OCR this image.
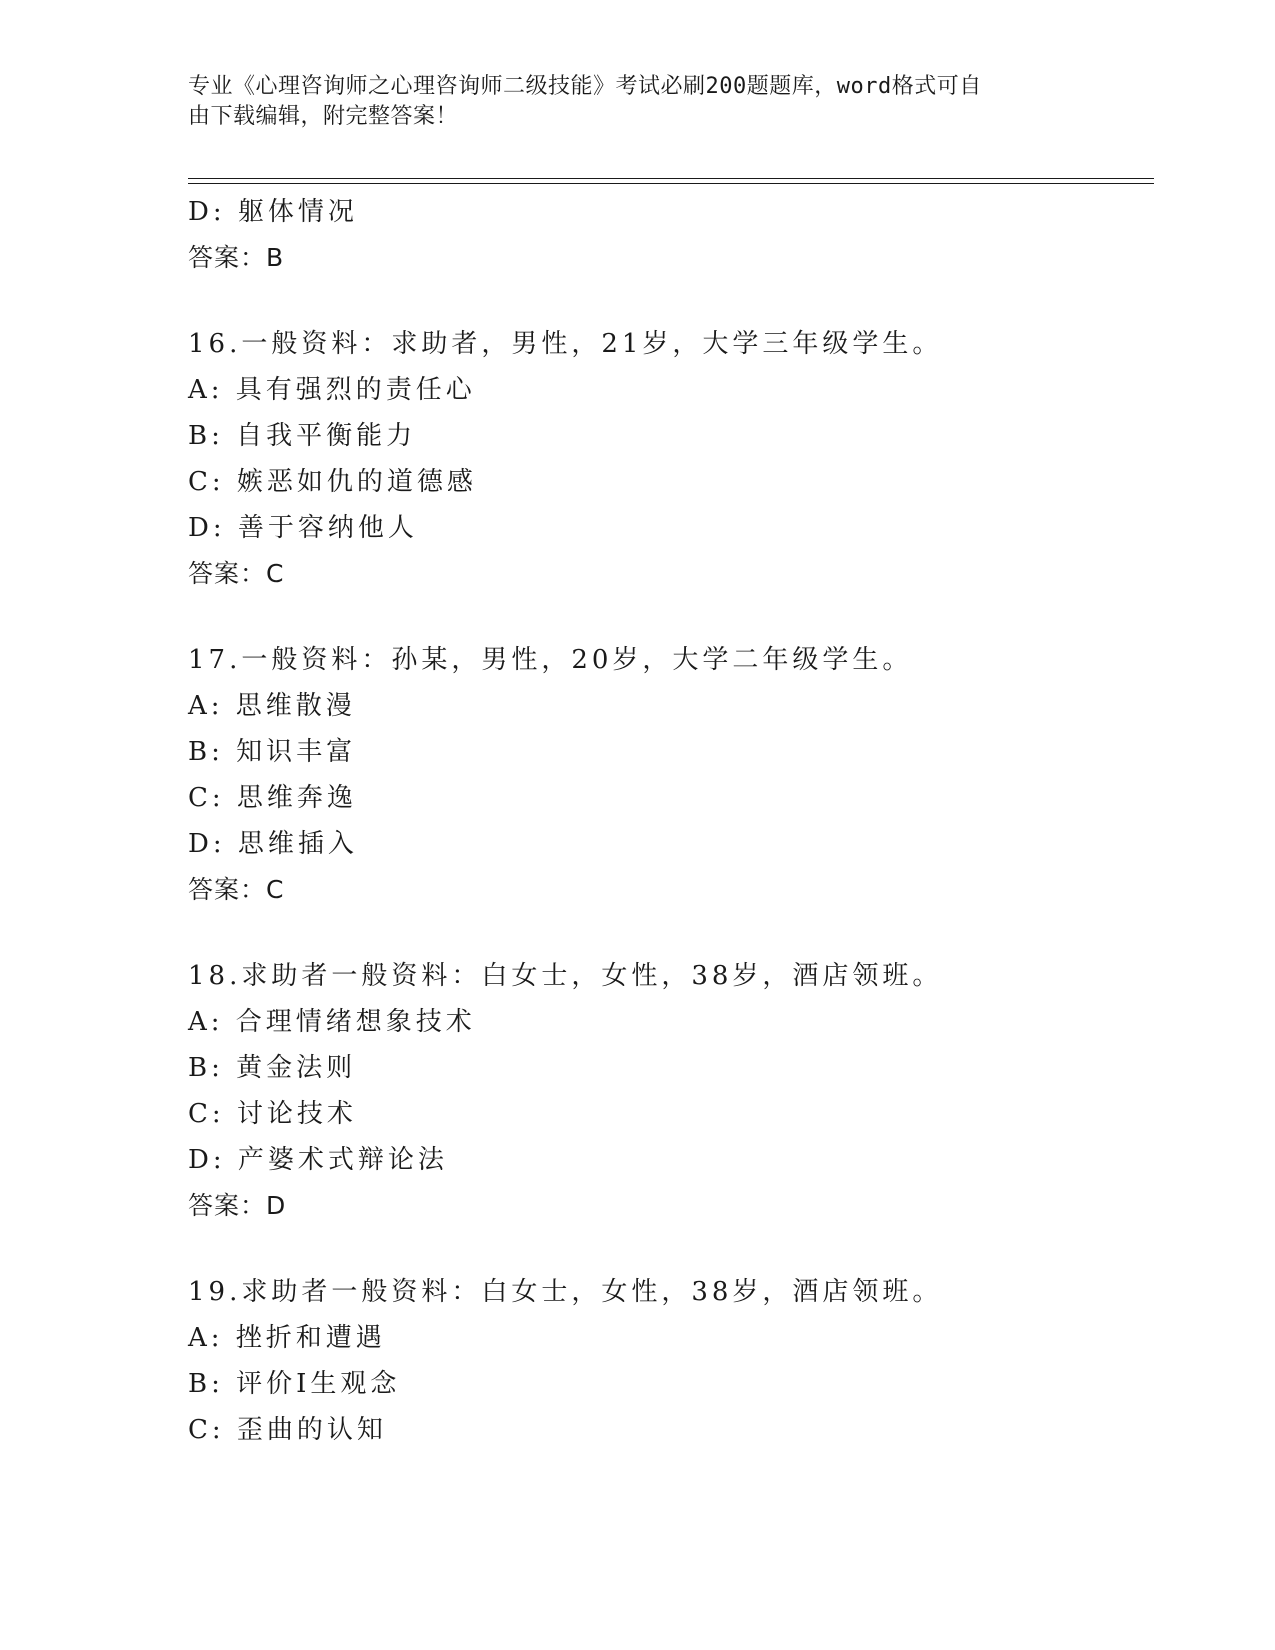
专业《心理咨询师之心理咨询师二级技能》考试必刷200题题库，word格式可自
由下载编辑，附完整答案！
D: 躯体情况
答案：B
16.一般资料：求助者，男性，21岁，大学三年级学生。
A: 具有强烈的责任心
B: 自我平衡能力
C: 嫉恶如仇的道德感
D: 善于容纳他人
答案：C
17.一般资料：孙某，男性，20岁，大学二年级学生。
A: 思维散漫
B: 知识丰富
C: 思维奔逸
D: 思维插入
答案：C
18.求助者一般资料：白女士，女性，38岁，酒店领班。
A: 合理情绪想象技术
B: 黄金法则
C: 讨论技术
D: 产婆术式辩论法
答案：D
19.求助者一般资料：白女士，女性，38岁，酒店领班。
A: 挫折和遭遇
B: 评价I生观念
C: 歪曲的认知
